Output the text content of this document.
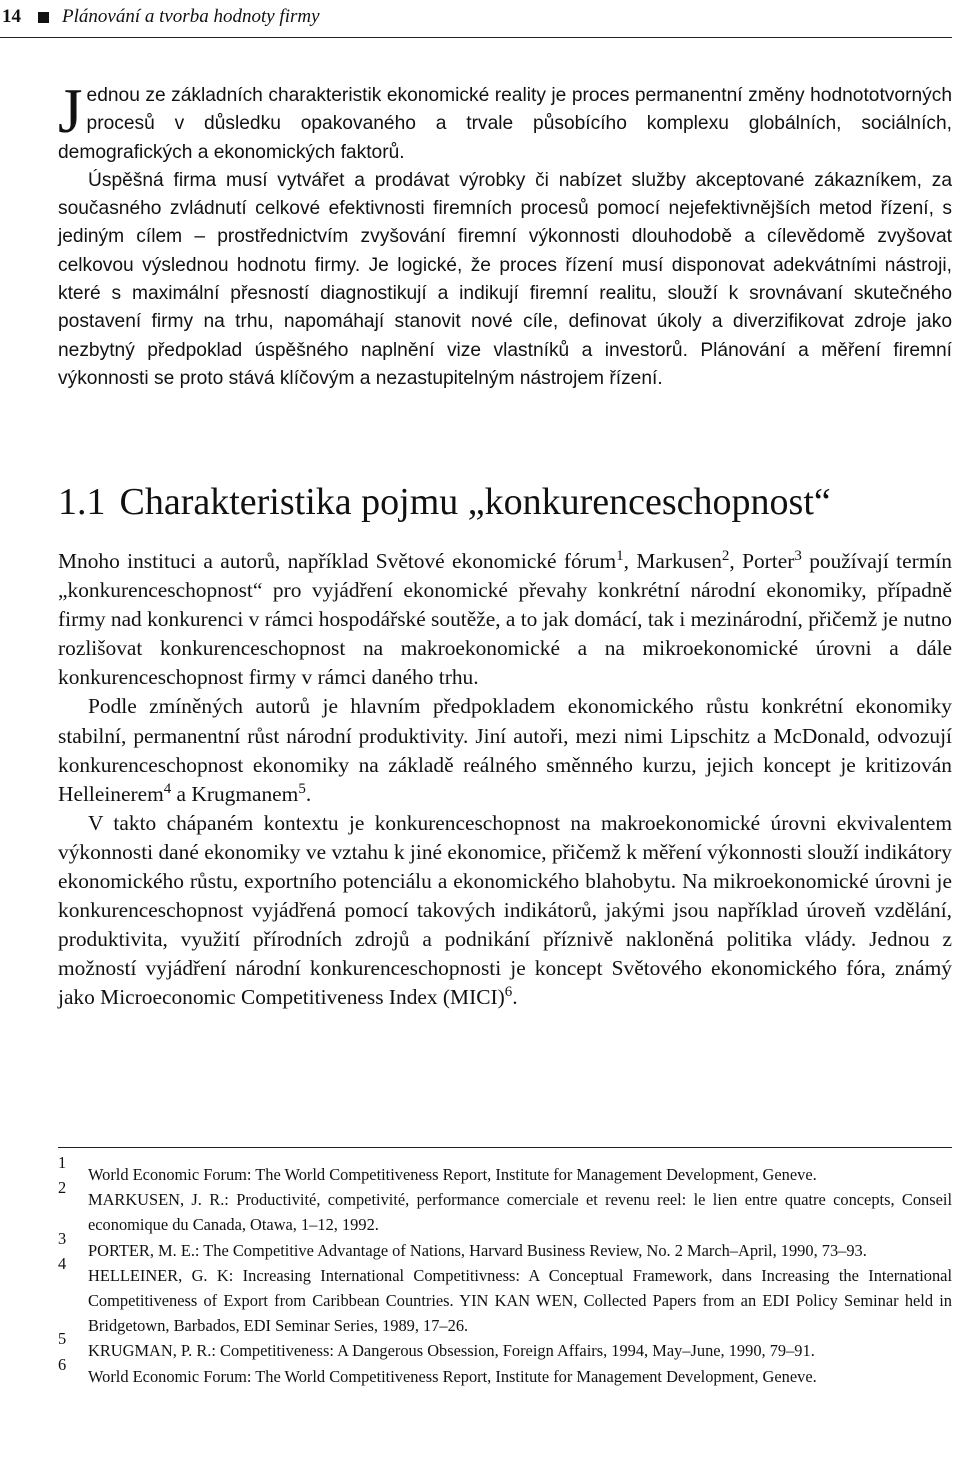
14 Plánování a tvorba hodnoty firmy

Jednou ze základních charakteristik ekonomické reality je proces permanentní změny hodnototvorných procesů v důsledku opakovaného a trvale působícího komplexu globálních, sociálních, demografických a ekonomických faktorů.

Úspěšná firma musí vytvářet a prodávat výrobky či nabízet služby akceptované zákazníkem, za současného zvládnutí celkové efektivnosti firemních procesů pomocí nejefektivnějších metod řízení, s jediným cílem – prostřednictvím zvyšování firemní výkonnosti dlouhodobě a cílevědomě zvyšovat celkovou výslednou hodnotu firmy. Je logické, že proces řízení musí disponovat adekvátními nástroji, které s maximální přesností diagnostikují a indikují firemní realitu, slouží k srovnávaní skutečného postavení firmy na trhu, napomáhají stanovit nové cíle, definovat úkoly a diverzifikovat zdroje jako nezbytný předpoklad úspěšného naplnění vize vlastníků a investorů. Plánování a měření firemní výkonnosti se proto stává klíčovým a nezastupitelným nástrojem řízení.

1.1 Charakteristika pojmu „konkurenceschopnost“

Mnoho instituci a autorů, například Světové ekonomické fórum$^1$, Markusen$^2$, Porter$^3$ používají termín „konkurenceschopnost“ pro vyjádření ekonomické převahy konkrétní národní ekonomiky, případně firmy nad konkurenci v rámci hospodářské soutěže, a to jak domácí, tak i mezinárodní, přičemž je nutno rozlišovat konkurenceschopnost na makroekonomické a na mikroekonomické úrovni a dále konkurenceschopnost firmy v rámci daného trhu.

Podle zmíněných autorů je hlavním předpokladem ekonomického růstu konkrétní ekonomiky stabilní, permanentní růst národní produktivity. Jiní autoři, mezi nimi Lipschitz a McDonald, odvozují konkurenceschopnost ekonomiky na základě reálného směnného kurzu, jejich koncept je kritizován Helleinerem$^4$ a Krugmanem$^5$.

V takto chápaném kontextu je konkurenceschopnost na makroekonomické úrovni ekvivalentem výkonnosti dané ekonomiky ve vztahu k jiné ekonomice, přičemž k měření výkonnosti slouží indikátory ekonomického růstu, exportního potenciálu a ekonomického blahobytu. Na mikroekonomické úrovni je konkurenceschopnost vyjádřená pomocí takových indikátorů, jakými jsou například úroveň vzdělání, produktivita, využití přírodních zdrojů a podnikání příznivě nakloněná politika vlády. Jednou z možností vyjádření národní konkurenceschopnosti je koncept Světového ekonomického fóra, známý jako Microeconomic Competitiveness Index (MICI)$^6$.

1
World Economic Forum: The World Competitiveness Report, Institute for Management Development, Geneve.

2
MARKUSEN, J. R.: Productivité, competivité, performance comerciale et revenu reel: le lien entre quatre concepts, Conseil economique du Canada, Otawa, 1–12, 1992.

3
PORTER, M. E.: The Competitive Advantage of Nations, Harvard Business Review, No. 2 March–April, 1990, 73–93.

4
HELLEINER, G. K: Increasing International Competitivness: A Conceptual Framework, dans Increasing the International Competitiveness of Export from Caribbean Countries. YIN KAN WEN, Collected Papers from an EDI Policy Seminar held in Bridgetown, Barbados, EDI Seminar Series, 1989, 17–26.

5
KRUGMAN, P. R.: Competitiveness: A Dangerous Obsession, Foreign Affairs, 1994, May–June, 1990, 79–91.

6
World Economic Forum: The World Competitiveness Report, Institute for Management Development, Geneve.
